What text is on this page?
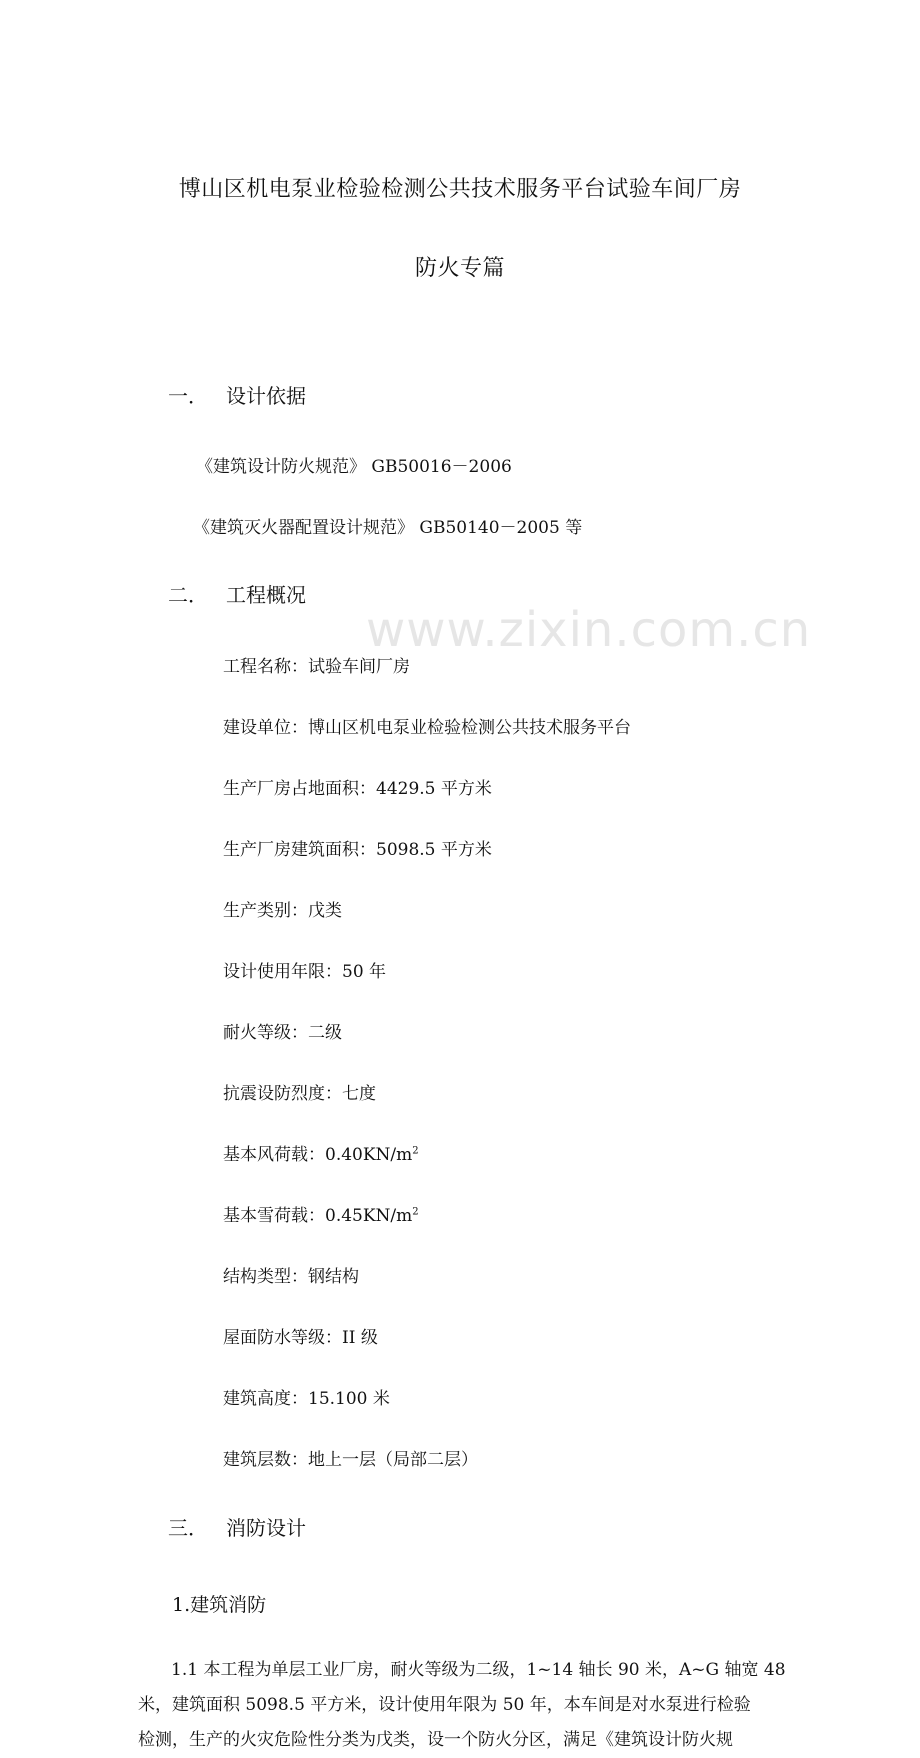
www.zixin.com.cn
博山区机电泵业检验检测公共技术服务平台试验车间厂房
防火专篇
一． 设计依据
《建筑设计防火规范》 GB50016－2006
《建筑灭火器配置设计规范》 GB50140－2005 等
二． 工程概况
工程名称：试验车间厂房
建设单位：博山区机电泵业检验检测公共技术服务平台
生产厂房占地面积：4429.5 平方米
生产厂房建筑面积：5098.5 平方米
生产类别：戊类
设计使用年限：50 年
耐火等级：二级
抗震设防烈度：七度
基本风荷载：$0.40KN/m^2$
基本雪荷载：$0.45KN/m^2$
结构类型：钢结构
屋面防水等级：II 级
建筑高度：15.100 米
建筑层数：地上一层（局部二层）
三． 消防设计
1.建筑消防
1.1 本工程为单层工业厂房，耐火等级为二级，1~14 轴长 90 米，A~G 轴宽 48
米，建筑面积 5098.5 平方米，设计使用年限为 50 年，本车间是对水泵进行检验
检测，生产的火灾危险性分类为戊类，设一个防火分区，满足《建筑设计防火规
